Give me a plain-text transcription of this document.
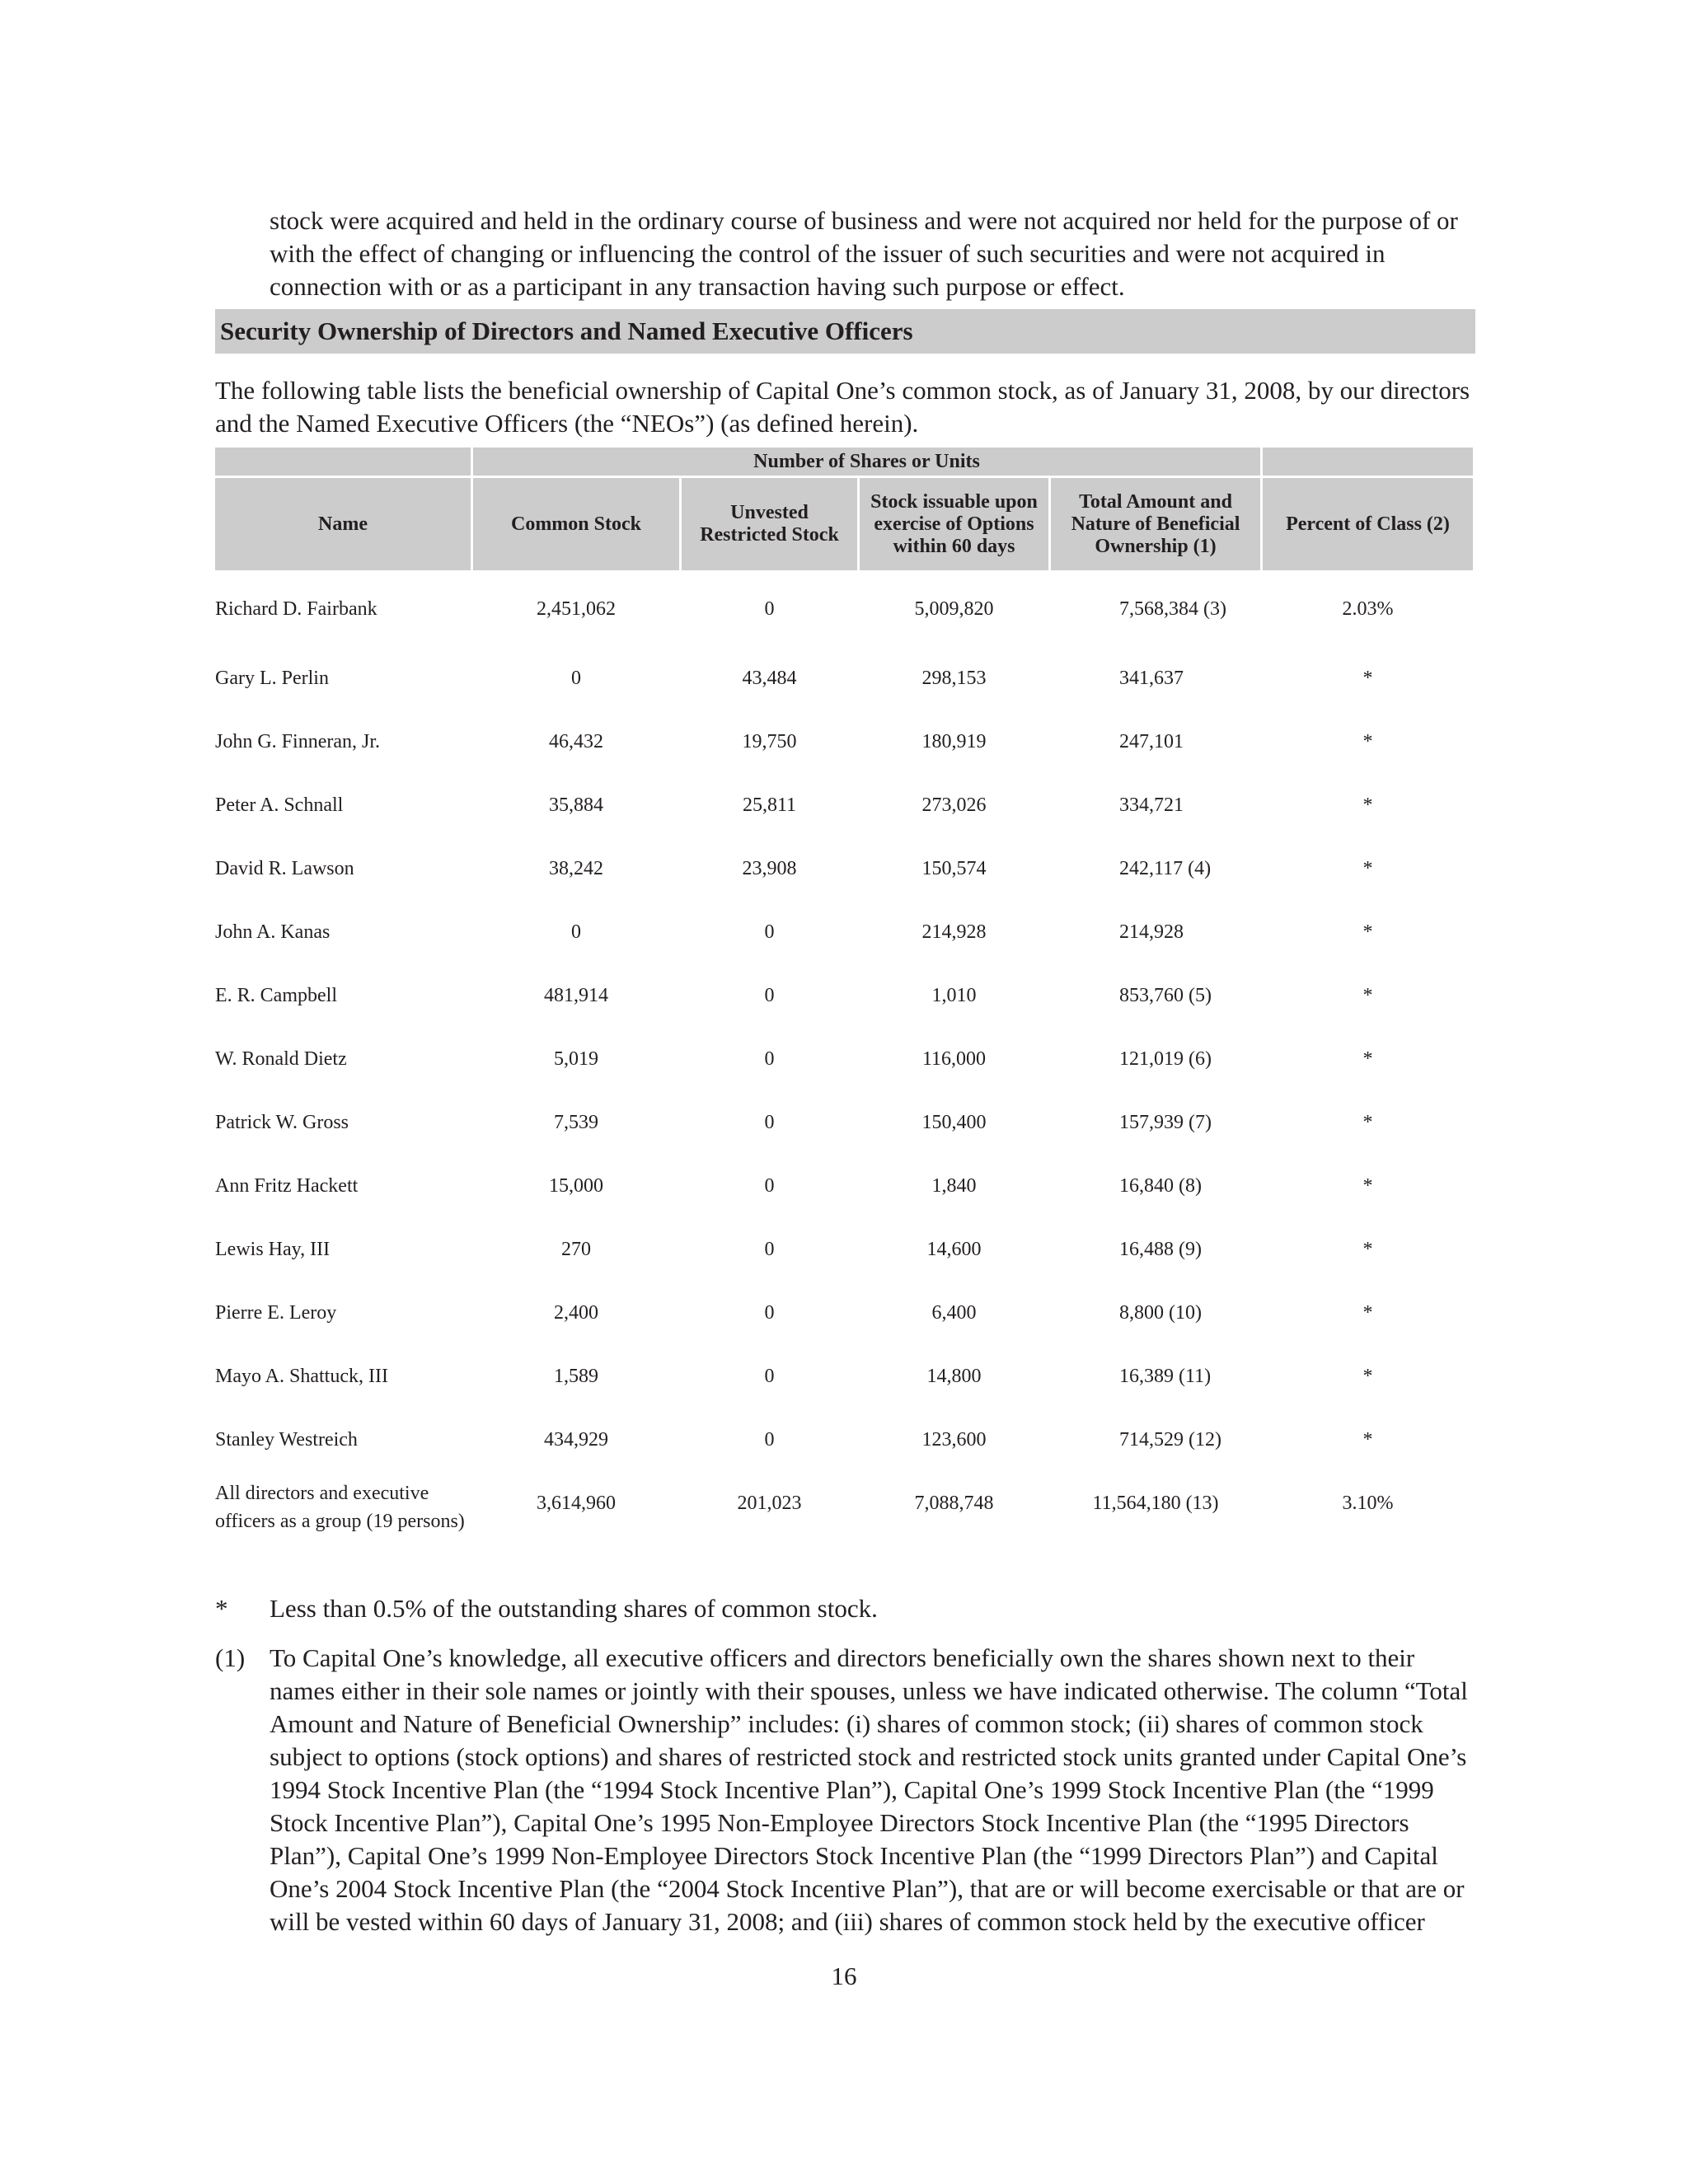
stock were acquired and held in the ordinary course of business and were not acquired nor held for the purpose of or with the effect of changing or influencing the control of the issuer of such securities and were not acquired in connection with or as a participant in any transaction having such purpose or effect.

Security Ownership of Directors and Named Executive Officers

The following table lists the beneficial ownership of Capital One’s common stock, as of January 31, 2008, by our directors and the Named Executive Officers (the “NEOs”) (as defined herein).

	Number of Shares or Units				
Name	Common Stock	Unvested Restricted Stock	Stock issuable upon exercise of Options within 60 days	Total Amount and Nature of Beneficial Ownership (1)	Percent of Class (2)
Richard D. Fairbank	2,451,062	0	5,009,820	7,568,384 (3)	2.03%
Gary L. Perlin	0	43,484	298,153	341,637	*
John G. Finneran, Jr.	46,432	19,750	180,919	247,101	*
Peter A. Schnall	35,884	25,811	273,026	334,721	*
David R. Lawson	38,242	23,908	150,574	242,117 (4)	*
John A. Kanas	0	0	214,928	214,928	*
E. R. Campbell	481,914	0	1,010	853,760 (5)	*
W. Ronald Dietz	5,019	0	116,000	121,019 (6)	*
Patrick W. Gross	7,539	0	150,400	157,939 (7)	*
Ann Fritz Hackett	15,000	0	1,840	16,840 (8)	*
Lewis Hay, III	270	0	14,600	16,488 (9)	*
Pierre E. Leroy	2,400	0	6,400	8,800 (10)	*
Mayo A. Shattuck, III	1,589	0	14,800	16,389 (11)	*
Stanley Westreich	434,929	0	123,600	714,529 (12)	*
All directors and executive officers as a group (19 persons)	3,614,960	201,023	7,088,748	11,564,180 (13)	3.10%
*	Less than 0.5% of the outstanding shares of common stock.
(1) To Capital One’s knowledge, all executive officers and directors beneficially own the shares shown next to their names either in their sole names or jointly with their spouses, unless we have indicated otherwise. The column “Total Amount and Nature of Beneficial Ownership” includes: (i) shares of common stock; (ii) shares of common stock subject to options (stock options) and shares of restricted stock and restricted stock units granted under Capital One’s 1994 Stock Incentive Plan (the “1994 Stock Incentive Plan”), Capital One’s 1999 Stock Incentive Plan (the “1999 Stock Incentive Plan”), Capital One’s 1995 Non-Employee Directors Stock Incentive Plan (the “1995 Directors Plan”), Capital One’s 1999 Non-Employee Directors Stock Incentive Plan (the “1999 Directors Plan”) and Capital One’s 2004 Stock Incentive Plan (the “2004 Stock Incentive Plan”), that are or will become exercisable or that are or will be vested within 60 days of January 31, 2008; and (iii) shares of common stock held by the executive officer
16
